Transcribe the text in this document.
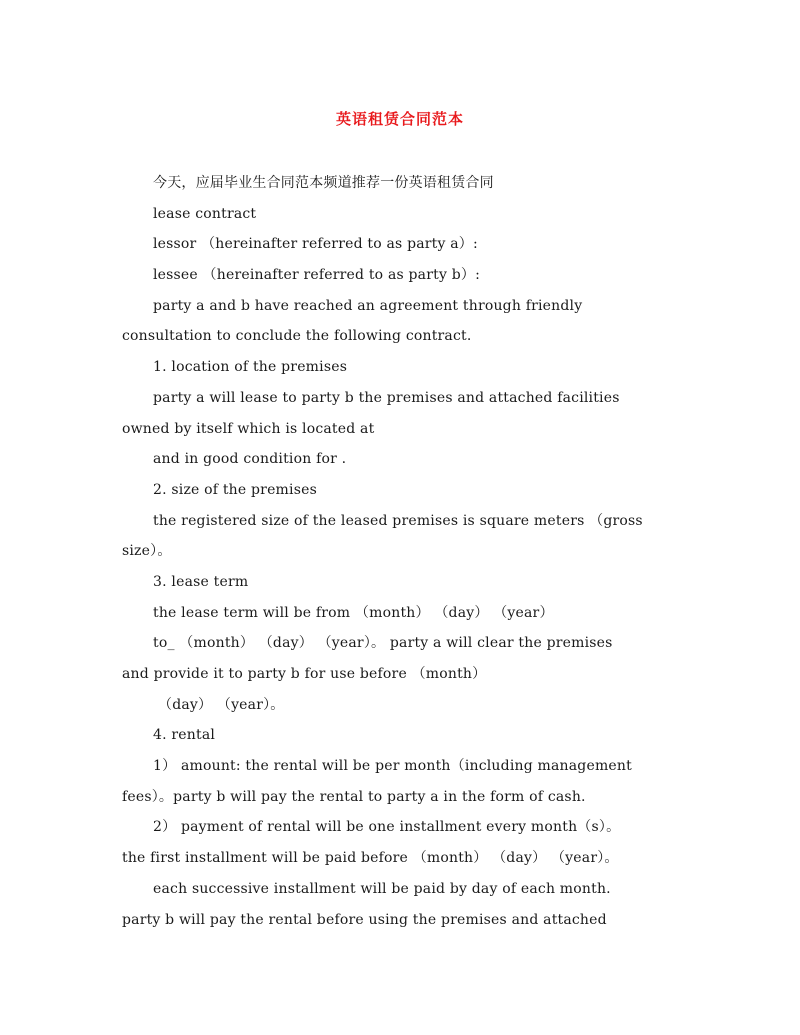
英语租赁合同范本
今天，应届毕业生合同范本频道推荐一份英语租赁合同
lease contract
lessor （hereinafter referred to as party a）:
lessee （hereinafter referred to as party b）:
party a and b have reached an agreement through friendly
consultation to conclude the following contract.
1. location of the premises
party a will lease to party b the premises and attached facilities
owned by itself which is located at
and in good condition for .
2. size of the premises
the registered size of the leased premises is square meters （gross
size）。
3. lease term
the lease term will be from （month） （day） （year）
to_ （month） （day） （year）。 party a will clear the premises
and provide it to party b for use before （month）
（day） （year）。
4. rental
1） amount: the rental will be per month（including management
fees）。party b will pay the rental to party a in the form of cash.
2） payment of rental will be one installment every month（s）。
the first installment will be paid before （month） （day） （year）。
each successive installment will be paid by day of each month.
party b will pay the rental before using the premises and attached
